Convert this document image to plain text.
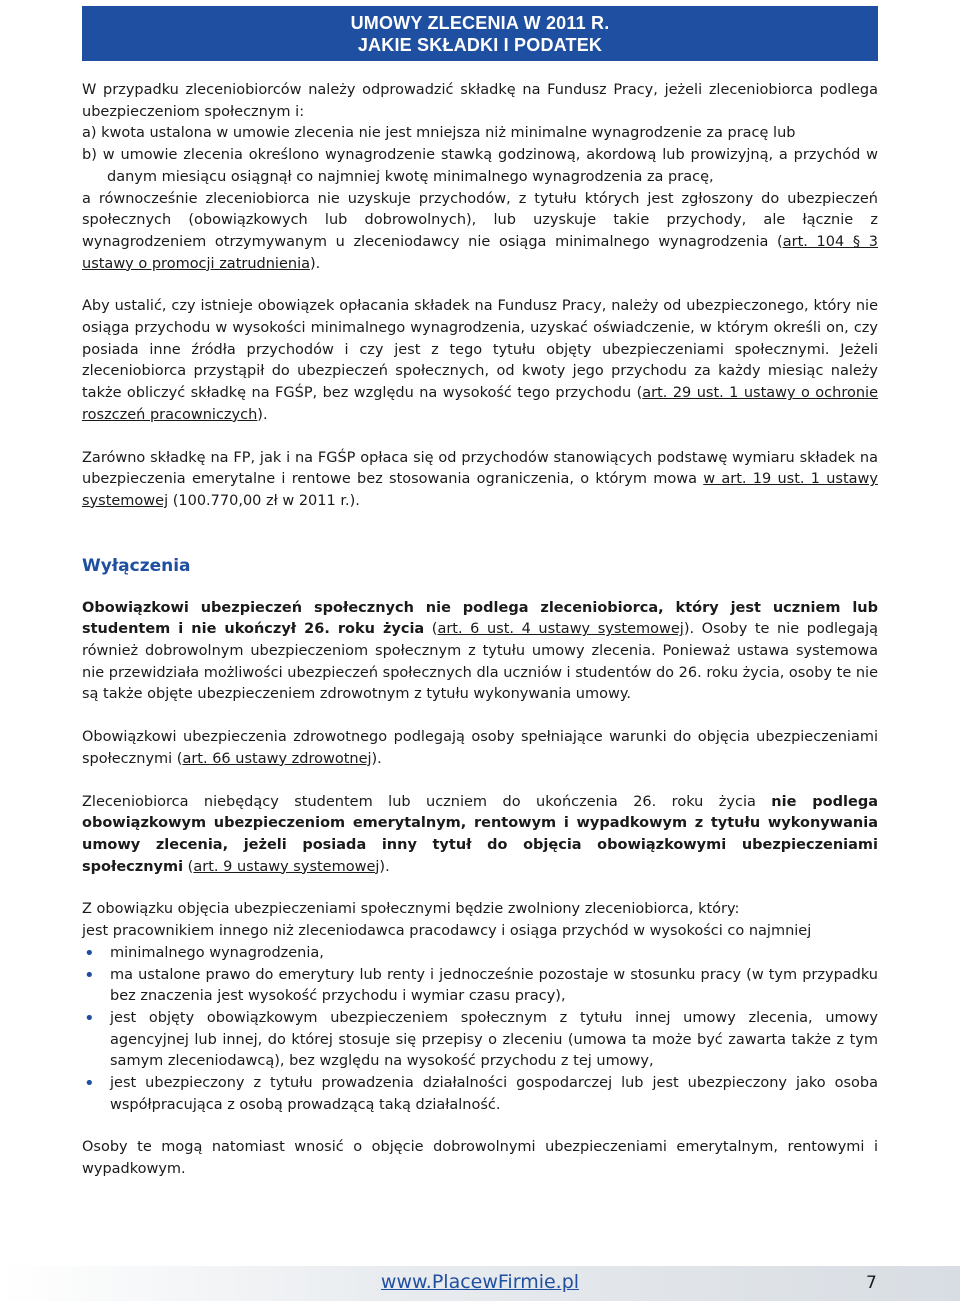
UMOWY ZLECENIA W 2011 R.
JAKIE SKŁADKI I PODATEK

W przypadku zleceniobiorców należy odprowadzić składkę na Fundusz Pracy, jeżeli zleceniobiorca podlega ubezpieczeniom społecznym i:

a) kwota ustalona w umowie zlecenia nie jest mniejsza niż minimalne wynagrodzenie za pracę lub

b) w umowie zlecenia określono wynagrodzenie stawką godzinową, akordową lub prowizyjną, a przychód w danym miesiącu osiągnął co najmniej kwotę minimalnego wynagrodzenia za pracę,

a równocześnie zleceniobiorca nie uzyskuje przychodów, z tytułu których jest zgłoszony do ubezpieczeń społecznych (obowiązkowych lub dobrowolnych), lub uzyskuje takie przychody, ale łącznie z wynagrodzeniem otrzymywanym u zleceniodawcy nie osiąga minimalnego wynagrodzenia (art. 104 § 3 ustawy o promocji zatrudnienia).

Aby ustalić, czy istnieje obowiązek opłacania składek na Fundusz Pracy, należy od ubezpieczonego, który nie osiąga przychodu w wysokości minimalnego wynagrodzenia, uzyskać oświadczenie, w którym określi on, czy posiada inne źródła przychodów i czy jest z tego tytułu objęty ubezpieczeniami społecznymi. Jeżeli zleceniobiorca przystąpił do ubezpieczeń społecznych, od kwoty jego przychodu za każdy miesiąc należy także obliczyć składkę na FGŚP, bez względu na wysokość tego przychodu (art. 29 ust. 1 ustawy o ochronie roszczeń pracowniczych).

Zarówno składkę na FP, jak i na FGŚP opłaca się od przychodów stanowiących podstawę wymiaru składek na ubezpieczenia emerytalne i rentowe bez stosowania ograniczenia, o którym mowa w art. 19 ust. 1 ustawy systemowej (100.770,00 zł w 2011 r.).

Wyłączenia

Obowiązkowi ubezpieczeń społecznych nie podlega zleceniobiorca, który jest uczniem lub studentem i nie ukończył 26. roku życia (art. 6 ust. 4 ustawy systemowej). Osoby te nie podlegają również dobrowolnym ubezpieczeniom społecznym z tytułu umowy zlecenia. Ponieważ ustawa systemowa nie przewidziała możliwości ubezpieczeń społecznych dla uczniów i studentów do 26. roku życia, osoby te nie są także objęte ubezpieczeniem zdrowotnym z tytułu wykonywania umowy.

Obowiązkowi ubezpieczenia zdrowotnego podlegają osoby spełniające warunki do objęcia ubezpieczeniami społecznymi (art. 66 ustawy zdrowotnej).

Zleceniobiorca niebędący studentem lub uczniem do ukończenia 26. roku życia nie podlega obowiązkowym ubezpieczeniom emerytalnym, rentowym i wypadkowym z tytułu wykonywania umowy zlecenia, jeżeli posiada inny tytuł do objęcia obowiązkowymi ubezpieczeniami społecznymi (art. 9 ustawy systemowej).

Z obowiązku objęcia ubezpieczeniami społecznymi będzie zwolniony zleceniobiorca, który:

jest pracownikiem innego niż zleceniodawca pracodawcy i osiąga przychód w wysokości co najmniej

• minimalnego wynagrodzenia,
• ma ustalone prawo do emerytury lub renty i jednocześnie pozostaje w stosunku pracy (w tym przypadku bez znaczenia jest wysokość przychodu i wymiar czasu pracy),
• jest objęty obowiązkowym ubezpieczeniem społecznym z tytułu innej umowy zlecenia, umowy agencyjnej lub innej, do której stosuje się przepisy o zleceniu (umowa ta może być zawarta także z tym samym zleceniodawcą), bez względu na wysokość przychodu z tej umowy,
• jest ubezpieczony z tytułu prowadzenia działalności gospodarczej lub jest ubezpieczony jako osoba współpracująca z osobą prowadzącą taką działalność.

Osoby te mogą natomiast wnosić o objęcie dobrowolnymi ubezpieczeniami emerytalnym, rentowymi i wypadkowym.

www.PlacewFirmie.pl	7
